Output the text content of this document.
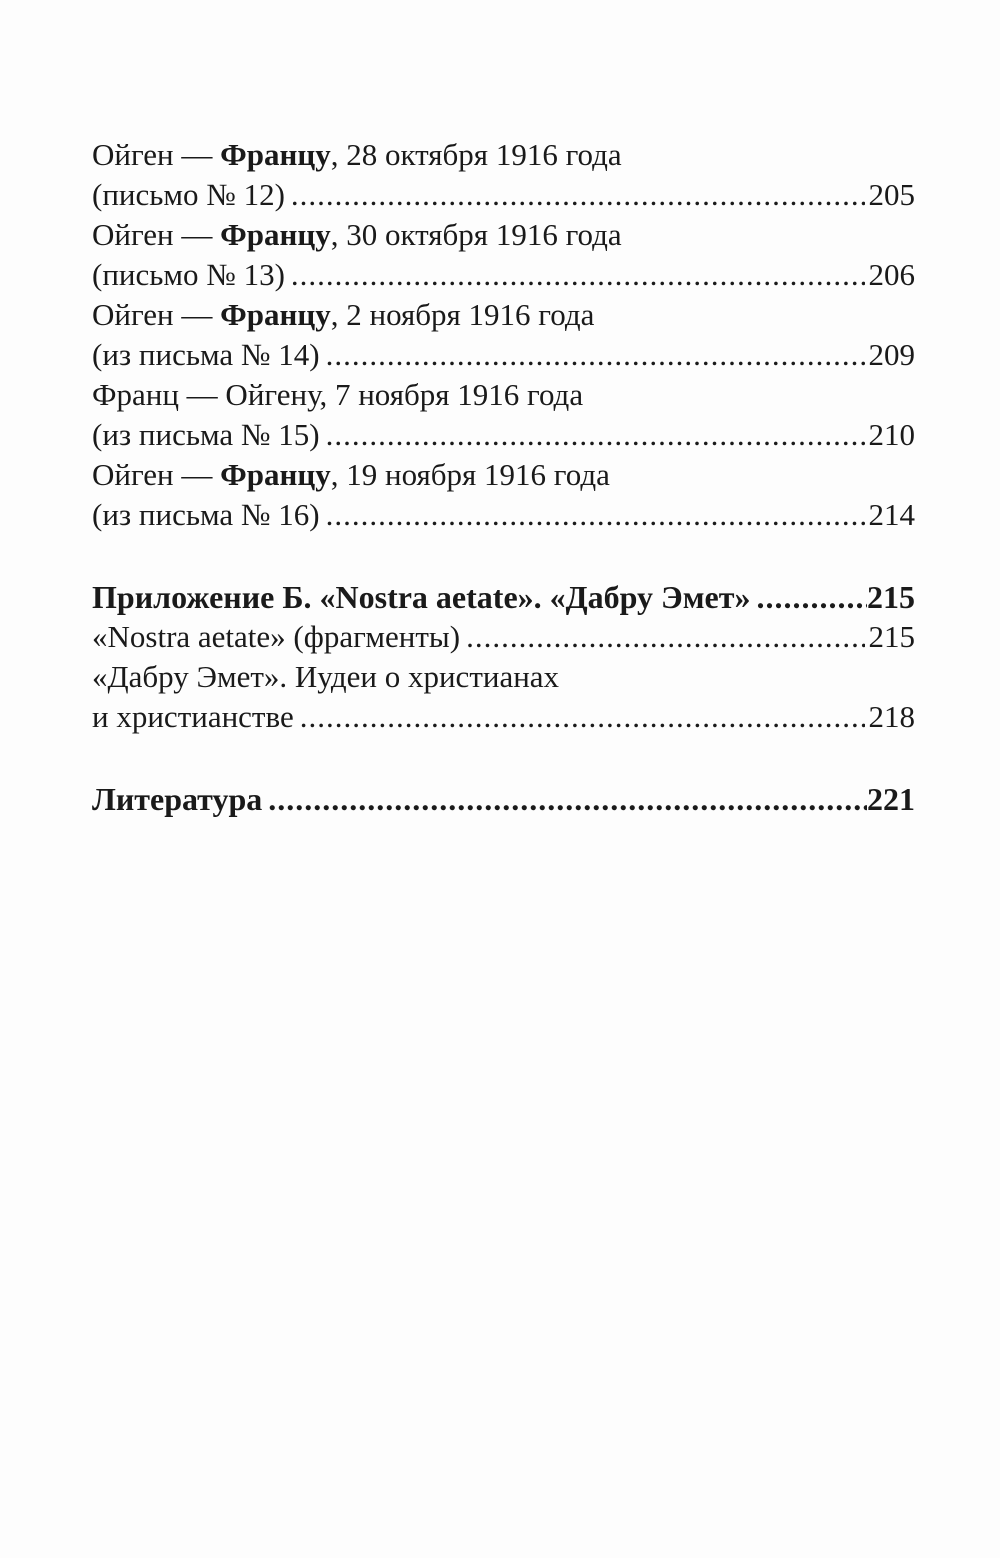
Ойген — Францу, 28 октября 1916 года
(письмо № 12) .....	205
Ойген — Францу, 30 октября 1916 года
(письмо № 13) .....	206
Ойген — Францу, 2 ноября 1916 года
(из письма № 14) .....	209
Франц — Ойгену, 7 ноября 1916 года
(из письма № 15) .....	210
Ойген — Францу, 19 ноября 1916 года
(из письма № 16) .....	214
Приложение Б. «Nostra aetate». «Дабру Эмет» .....	215
«Nostra aetate» (фрагменты) .....	215
«Дабру Эмет». Иудеи о христианах
и христианстве .....	218
Литература .....	221
